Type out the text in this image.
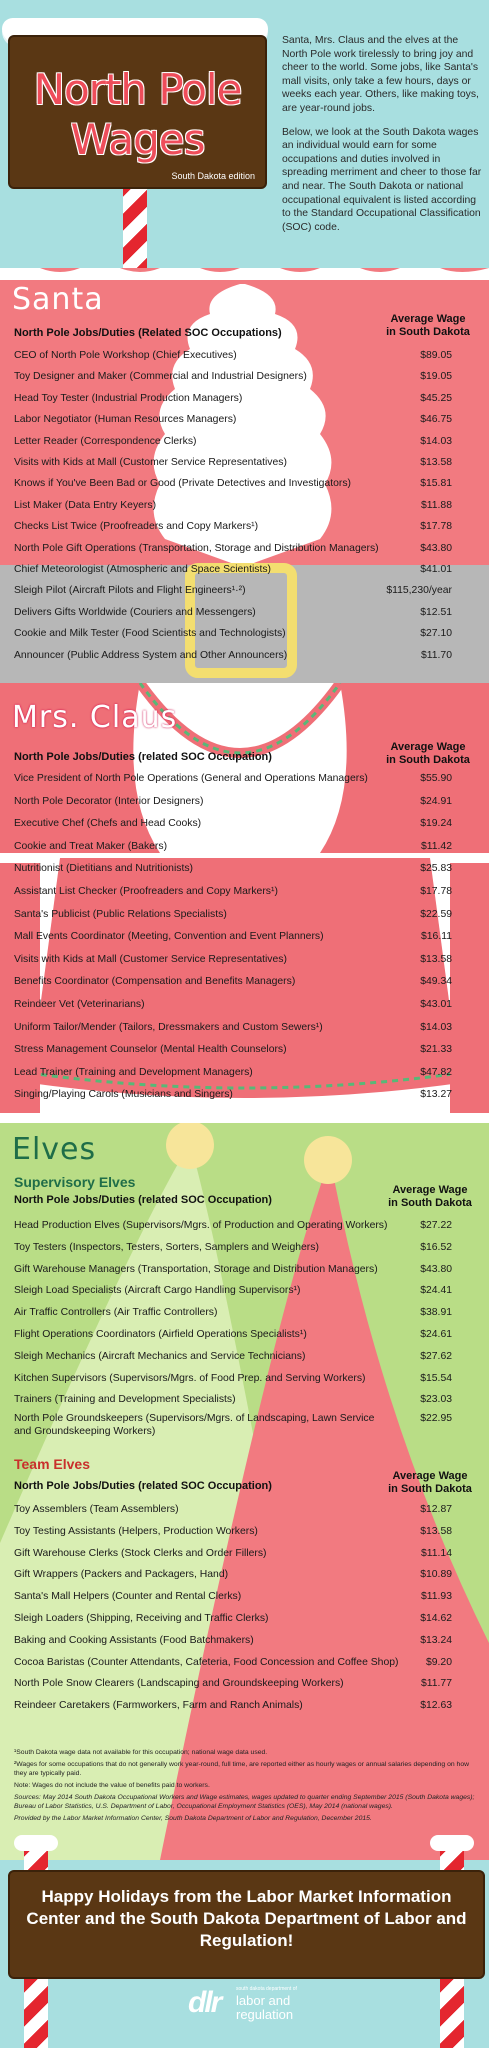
North Pole
Wages
South Dakota edition

Santa, Mrs. Claus and the elves at the North Pole work tirelessly to bring joy and cheer to the world. Some jobs, like Santa's mall visits, only take a few hours, days or weeks each year. Others, like making toys, are year-round jobs.

Below, we look at the South Dakota wages an individual would earn for some occupations and duties involved in spreading merriment and cheer to those far and near. The South Dakota or national occupational equivalent is listed according to the Standard Occupational Classification (SOC) code.

Santa
North Pole Jobs/Duties (Related SOC Occupations)
Average Wage
in South Dakota
CEO of North Pole Workshop (Chief Executives)	$89.05
Toy Designer and Maker (Commercial and Industrial Designers)	$19.05
Head Toy Tester (Industrial Production Managers)	$45.25
Labor Negotiator (Human Resources Managers)	$46.75
Letter Reader (Correspondence Clerks)	$14.03
Visits with Kids at Mall (Customer Service Representatives)	$13.58
Knows if You've Been Bad or Good (Private Detectives and Investigators)	$15.81
List Maker (Data Entry Keyers)	$11.88
Checks List Twice (Proofreaders and Copy Markers¹)	$17.78
North Pole Gift Operations (Transportation, Storage and Distribution Managers)	$43.80
Chief Meteorologist (Atmospheric and Space Scientists)	$41.01
Sleigh Pilot (Aircraft Pilots and Flight Engineers¹·²)	$115,230/year
Delivers Gifts Worldwide (Couriers and Messengers)	$12.51
Cookie and Milk Tester (Food Scientists and Technologists)	$27.10
Announcer (Public Address System and Other Announcers)	$11.70
Mrs. Claus
North Pole Jobs/Duties (related SOC Occupation)
Average Wage
in South Dakota
Vice President of North Pole Operations (General and Operations Managers)	$55.90
North Pole Decorator (Interior Designers)	$24.91
Executive Chef (Chefs and Head Cooks)	$19.24
Cookie and Treat Maker (Bakers)	$11.42
Nutritionist (Dietitians and Nutritionists)	$25.83
Assistant List Checker (Proofreaders and Copy Markers¹)	$17.78
Santa's Publicist (Public Relations Specialists)	$22.59
Mall Events Coordinator (Meeting, Convention and Event Planners)	$16.11
Visits with Kids at Mall (Customer Service Representatives)	$13.58
Benefits Coordinator (Compensation and Benefits Managers)	$49.34
Reindeer Vet (Veterinarians)	$43.01
Uniform Tailor/Mender (Tailors, Dressmakers and Custom Sewers¹)	$14.03
Stress Management Counselor (Mental Health Counselors)	$21.33
Lead Trainer (Training and Development Managers)	$47.82
Singing/Playing Carols (Musicians and Singers)	$13.27
Elves
Supervisory Elves
North Pole Jobs/Duties (related SOC Occupation)
Average Wage
in South Dakota
Head Production Elves (Supervisors/Mgrs. of Production and Operating Workers)	$27.22
Toy Testers (Inspectors, Testers, Sorters, Samplers and Weighers)	$16.52
Gift Warehouse Managers (Transportation, Storage and Distribution Managers)	$43.80
Sleigh Load Specialists (Aircraft Cargo Handling Supervisors¹)	$24.41
Air Traffic Controllers (Air Traffic Controllers)	$38.91
Flight Operations Coordinators (Airfield Operations Specialists¹)	$24.61
Sleigh Mechanics (Aircraft Mechanics and Service Technicians)	$27.62
Kitchen Supervisors (Supervisors/Mgrs. of Food Prep. and Serving Workers)	$15.54
Trainers (Training and Development Specialists)	$23.03
North Pole Groundskeepers (Supervisors/Mgrs. of Landscaping, Lawn Service
and Groundskeeping Workers)
$22.95
Team Elves
North Pole Jobs/Duties (related SOC Occupation)
Average Wage
in South Dakota
Toy Assemblers (Team Assemblers)	$12.87
Toy Testing Assistants (Helpers, Production Workers)	$13.58
Gift Warehouse Clerks (Stock Clerks and Order Fillers)	$11.14
Gift Wrappers (Packers and Packagers, Hand)	$10.89
Santa's Mall Helpers (Counter and Rental Clerks)	$11.93
Sleigh Loaders (Shipping, Receiving and Traffic Clerks)	$14.62
Baking and Cooking Assistants (Food Batchmakers)	$13.24
Cocoa Baristas (Counter Attendants, Cafeteria, Food Concession and Coffee Shop)	$9.20
North Pole Snow Clearers (Landscaping and Groundskeeping Workers)	$11.77
Reindeer Caretakers (Farmworkers, Farm and Ranch Animals)	$12.63

¹South Dakota wage data not available for this occupation; national wage data used.

²Wages for some occupations that do not generally work year-round, full time, are reported either as hourly wages or annual salaries depending on how they are typically paid.

Note: Wages do not include the value of benefits paid to workers.

Sources: May 2014 South Dakota Occupational Workers and Wage estimates, wages updated to quarter ending September 2015 (South Dakota wages); Bureau of Labor Statistics, U.S. Department of Labor, Occupational Employment Statistics (OES), May 2014 (national wages).

Provided by the Labor Market Information Center, South Dakota Department of Labor and Regulation, December 2015.

Happy Holidays from the Labor Market Information Center and the South Dakota Department of Labor and Regulation!
dlr	south dakota department of
labor and
regulation
